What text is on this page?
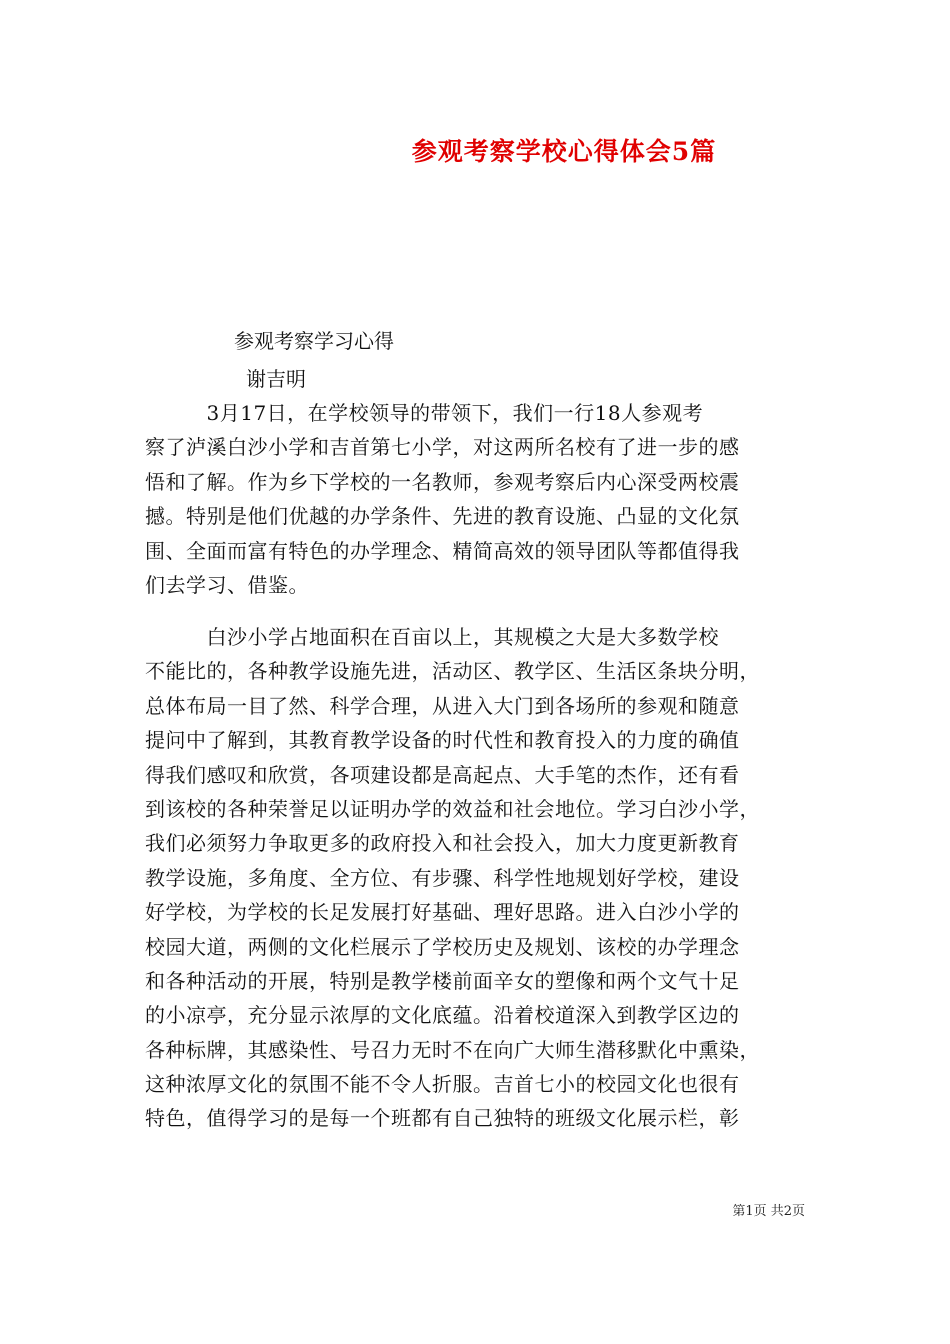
参观考察学校心得体会5篇
参观考察学习心得
谢吉明
　　　3月17日，在学校领导的带领下，我们一行18人参观考
察了泸溪白沙小学和吉首第七小学，对这两所名校有了进一步的感
悟和了解。作为乡下学校的一名教师，参观考察后内心深受两校震
撼。特别是他们优越的办学条件、先进的教育设施、凸显的文化氛
围、全面而富有特色的办学理念、精简高效的领导团队等都值得我
们去学习、借鉴。
　　　白沙小学占地面积在百亩以上，其规模之大是大多数学校
不能比的，各种教学设施先进，活动区、教学区、生活区条块分明，
总体布局一目了然、科学合理，从进入大门到各场所的参观和随意
提问中了解到，其教育教学设备的时代性和教育投入的力度的确值
得我们感叹和欣赏，各项建设都是高起点、大手笔的杰作，还有看
到该校的各种荣誉足以证明办学的效益和社会地位。学习白沙小学，
我们必须努力争取更多的政府投入和社会投入，加大力度更新教育
教学设施，多角度、全方位、有步骤、科学性地规划好学校，建设
好学校，为学校的长足发展打好基础、理好思路。进入白沙小学的
校园大道，两侧的文化栏展示了学校历史及规划、该校的办学理念
和各种活动的开展，特别是教学楼前面辛女的塑像和两个文气十足
的小凉亭，充分显示浓厚的文化底蕴。沿着校道深入到教学区边的
各种标牌，其感染性、号召力无时不在向广大师生潜移默化中熏染，
这种浓厚文化的氛围不能不令人折服。吉首七小的校园文化也很有
特色，值得学习的是每一个班都有自己独特的班级文化展示栏，彰
第1页 共2页
